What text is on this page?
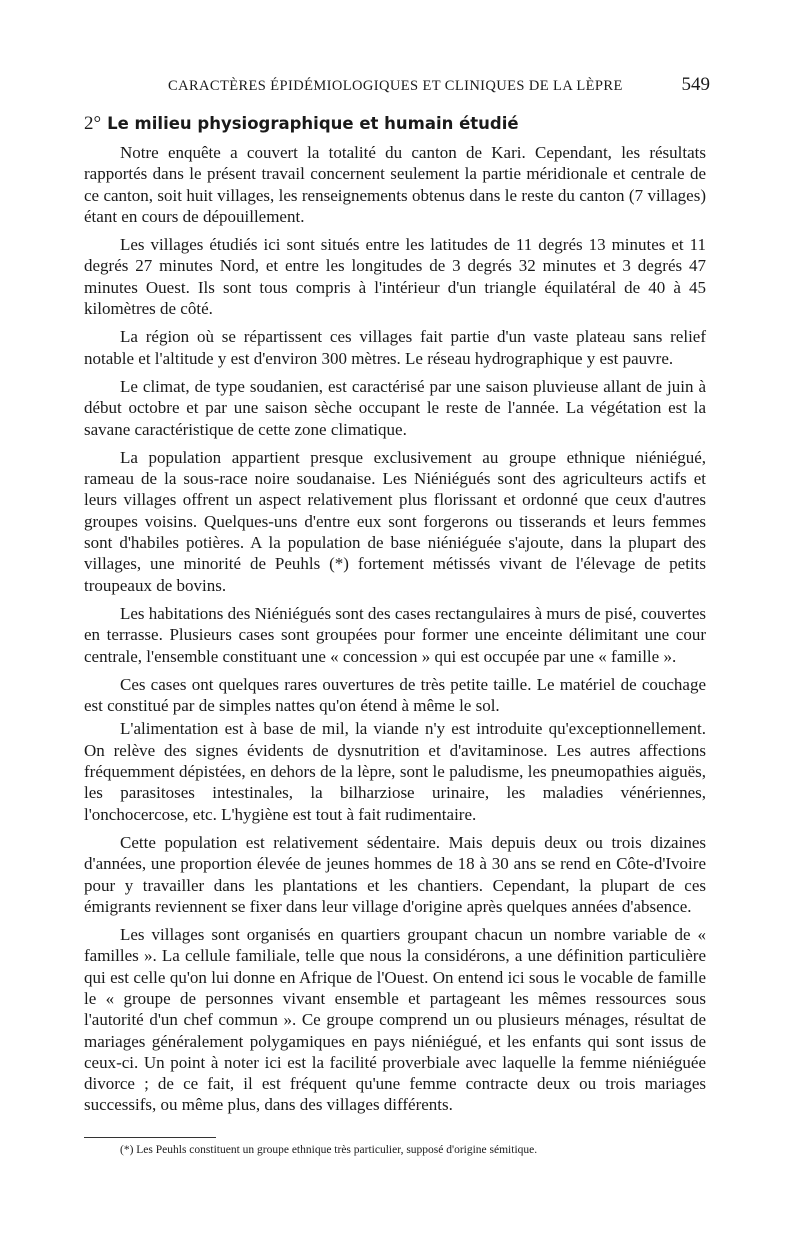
CARACTÈRES ÉPIDÉMIOLOGIQUES ET CLINIQUES DE LA LÈPRE	549
2° Le milieu physiographique et humain étudié

Notre enquête a couvert la totalité du canton de Kari. Cependant, les résultats rapportés dans le présent travail concernent seulement la partie méridionale et centrale de ce canton, soit huit villages, les renseignements obtenus dans le reste du canton (7 villages) étant en cours de dépouillement.

Les villages étudiés ici sont situés entre les latitudes de 11 degrés 13 minutes et 11 degrés 27 minutes Nord, et entre les longitudes de 3 degrés 32 minutes et 3 degrés 47 minutes Ouest. Ils sont tous compris à l'intérieur d'un triangle équilatéral de 40 à 45 kilomètres de côté.

La région où se répartissent ces villages fait partie d'un vaste plateau sans relief notable et l'altitude y est d'environ 300 mètres. Le réseau hydrographique y est pauvre.

Le climat, de type soudanien, est caractérisé par une saison pluvieuse allant de juin à début octobre et par une saison sèche occupant le reste de l'année. La végétation est la savane caractéristique de cette zone climatique.

La population appartient presque exclusivement au groupe ethnique niéniégué, rameau de la sous-race noire soudanaise. Les Niéniégués sont des agriculteurs actifs et leurs villages offrent un aspect relativement plus florissant et ordonné que ceux d'autres groupes voisins. Quelques-uns d'entre eux sont forgerons ou tisserands et leurs femmes sont d'habiles potières. A la population de base niéniéguée s'ajoute, dans la plupart des villages, une minorité de Peuhls (*) fortement métissés vivant de l'élevage de petits troupeaux de bovins.

Les habitations des Niéniégués sont des cases rectangulaires à murs de pisé, couvertes en terrasse. Plusieurs cases sont groupées pour former une enceinte délimitant une cour centrale, l'ensemble constituant une « concession » qui est occupée par une « famille ».

Ces cases ont quelques rares ouvertures de très petite taille. Le matériel de couchage est constitué par de simples nattes qu'on étend à même le sol.

L'alimentation est à base de mil, la viande n'y est introduite qu'exceptionnellement. On relève des signes évidents de dysnutrition et d'avitaminose. Les autres affections fréquemment dépistées, en dehors de la lèpre, sont le paludisme, les pneumopathies aiguës, les parasitoses intestinales, la bilharziose urinaire, les maladies vénériennes, l'onchocercose, etc. L'hygiène est tout à fait rudimentaire.

Cette population est relativement sédentaire. Mais depuis deux ou trois dizaines d'années, une proportion élevée de jeunes hommes de 18 à 30 ans se rend en Côte-d'Ivoire pour y travailler dans les plantations et les chantiers. Cependant, la plupart de ces émigrants reviennent se fixer dans leur village d'origine après quelques années d'absence.

Les villages sont organisés en quartiers groupant chacun un nombre variable de « familles ». La cellule familiale, telle que nous la considérons, a une définition particulière qui est celle qu'on lui donne en Afrique de l'Ouest. On entend ici sous le vocable de famille le « groupe de personnes vivant ensemble et partageant les mêmes ressources sous l'autorité d'un chef commun ». Ce groupe comprend un ou plusieurs ménages, résultat de mariages généralement polygamiques en pays niéniégué, et les enfants qui sont issus de ceux-ci. Un point à noter ici est la facilité proverbiale avec laquelle la femme niéniéguée divorce ; de ce fait, il est fréquent qu'une femme contracte deux ou trois mariages successifs, ou même plus, dans des villages différents.

(*) Les Peuhls constituent un groupe ethnique très particulier, supposé d'origine sémitique.
